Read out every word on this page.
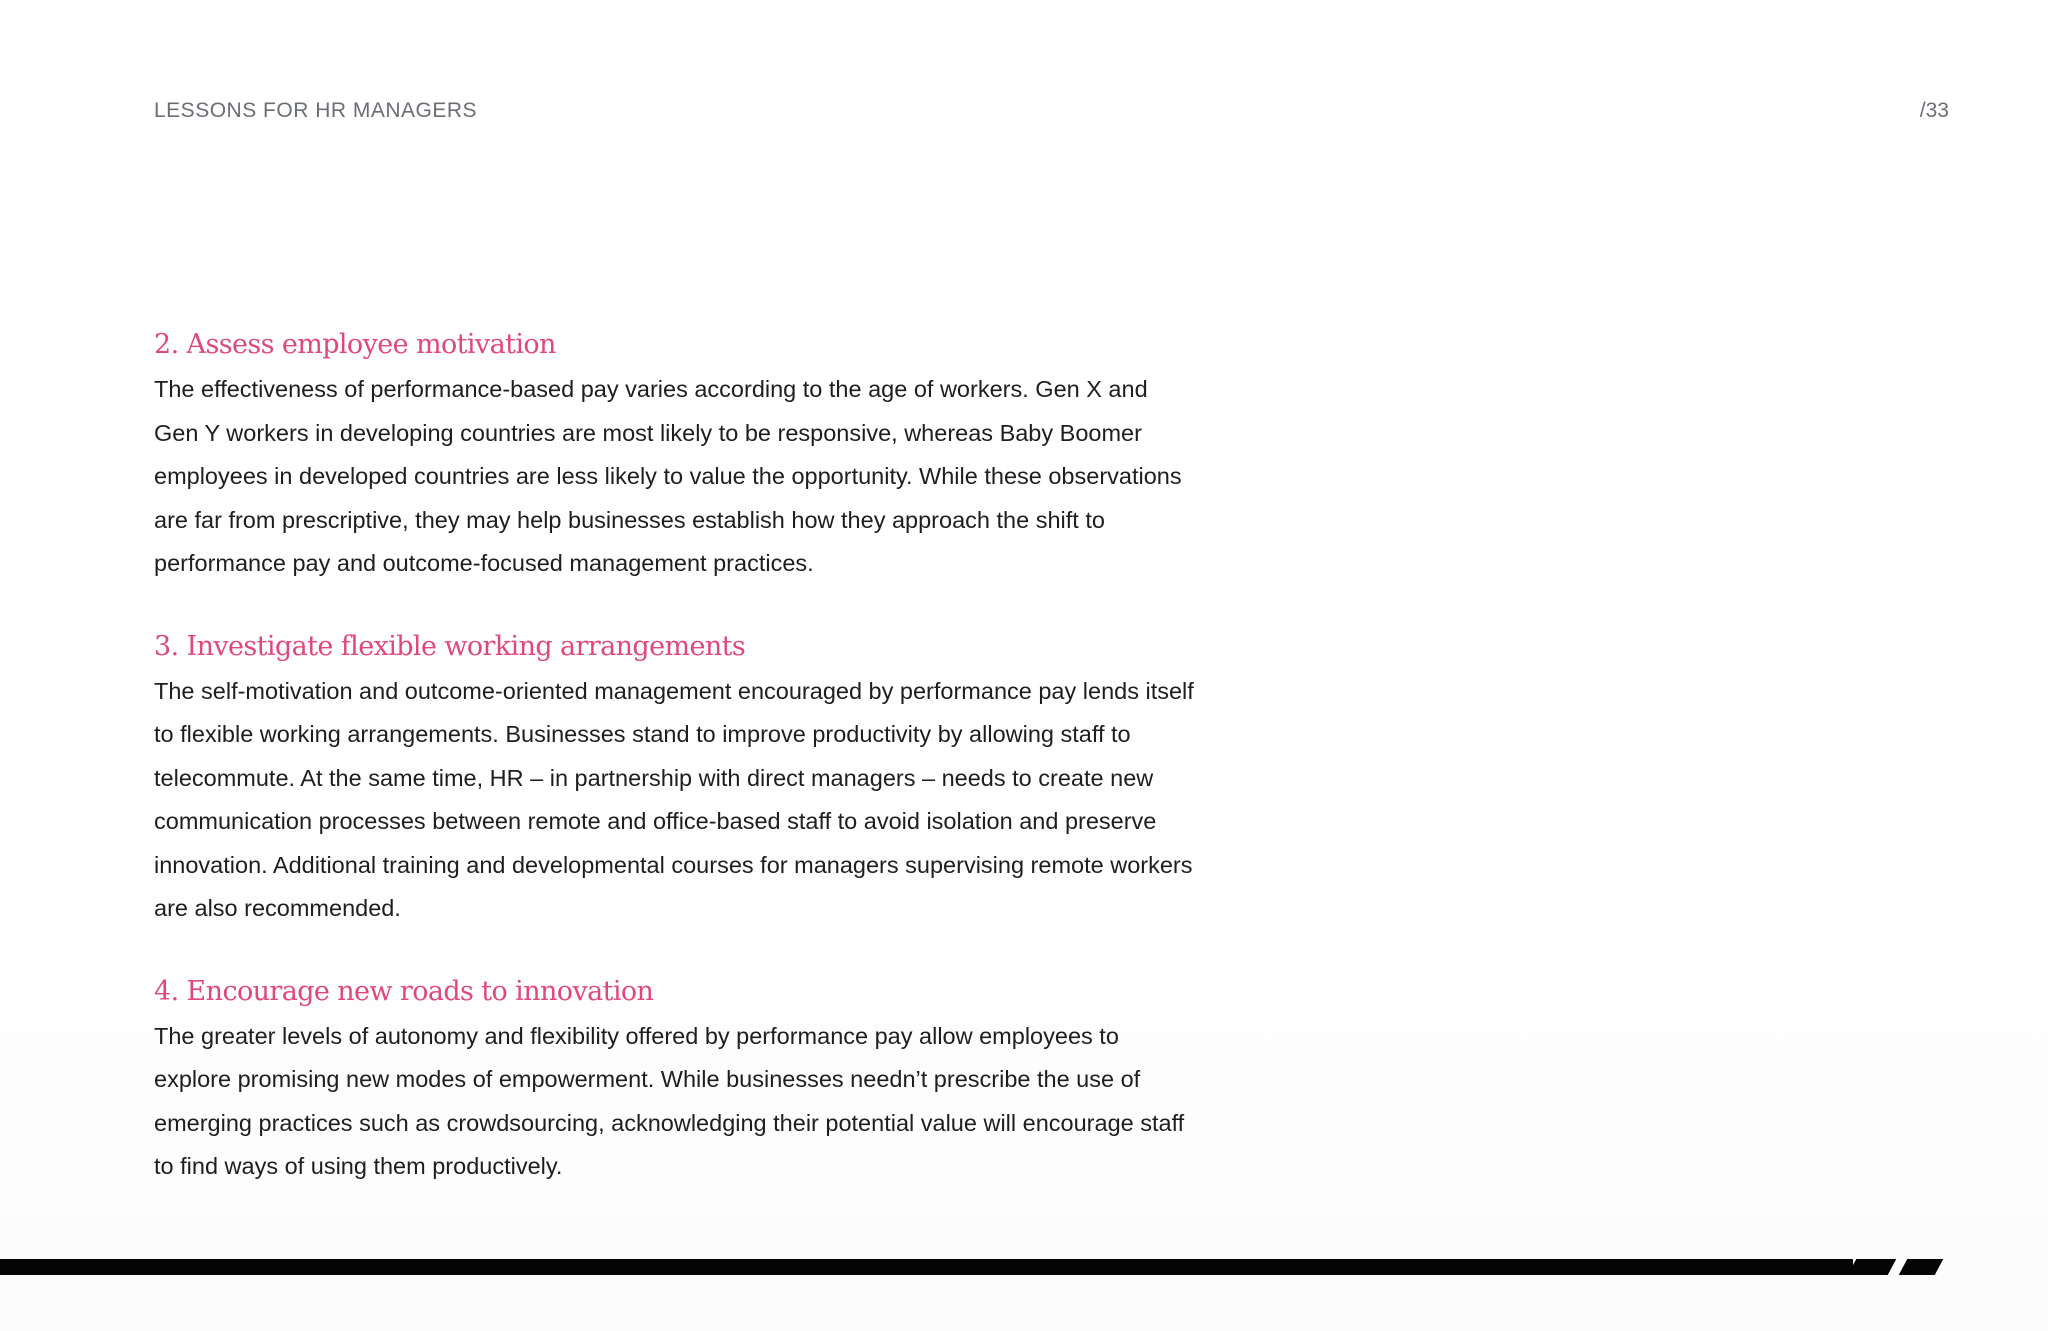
LESSONS FOR HR MANAGERS	/33
2. Assess employee motivation

The effectiveness of performance-based pay varies according to the age of workers. Gen X and Gen Y workers in developing countries are most likely to be responsive, whereas Baby Boomer employees in developed countries are less likely to value the opportunity. While these observations are far from prescriptive, they may help businesses establish how they approach the shift to performance pay and outcome-focused management practices.

3. Investigate flexible working arrangements

The self-motivation and outcome-oriented management encouraged by performance pay lends itself to flexible working arrangements. Businesses stand to improve productivity by allowing staff to telecommute. At the same time, HR – in partnership with direct managers – needs to create new communication processes between remote and office-based staff to avoid isolation and preserve innovation. Additional training and developmental courses for managers supervising remote workers are also recommended.

4. Encourage new roads to innovation

The greater levels of autonomy and flexibility offered by performance pay allow employees to explore promising new modes of empowerment. While businesses needn’t prescribe the use of emerging practices such as crowdsourcing, acknowledging their potential value will encourage staff to find ways of using them productively.
